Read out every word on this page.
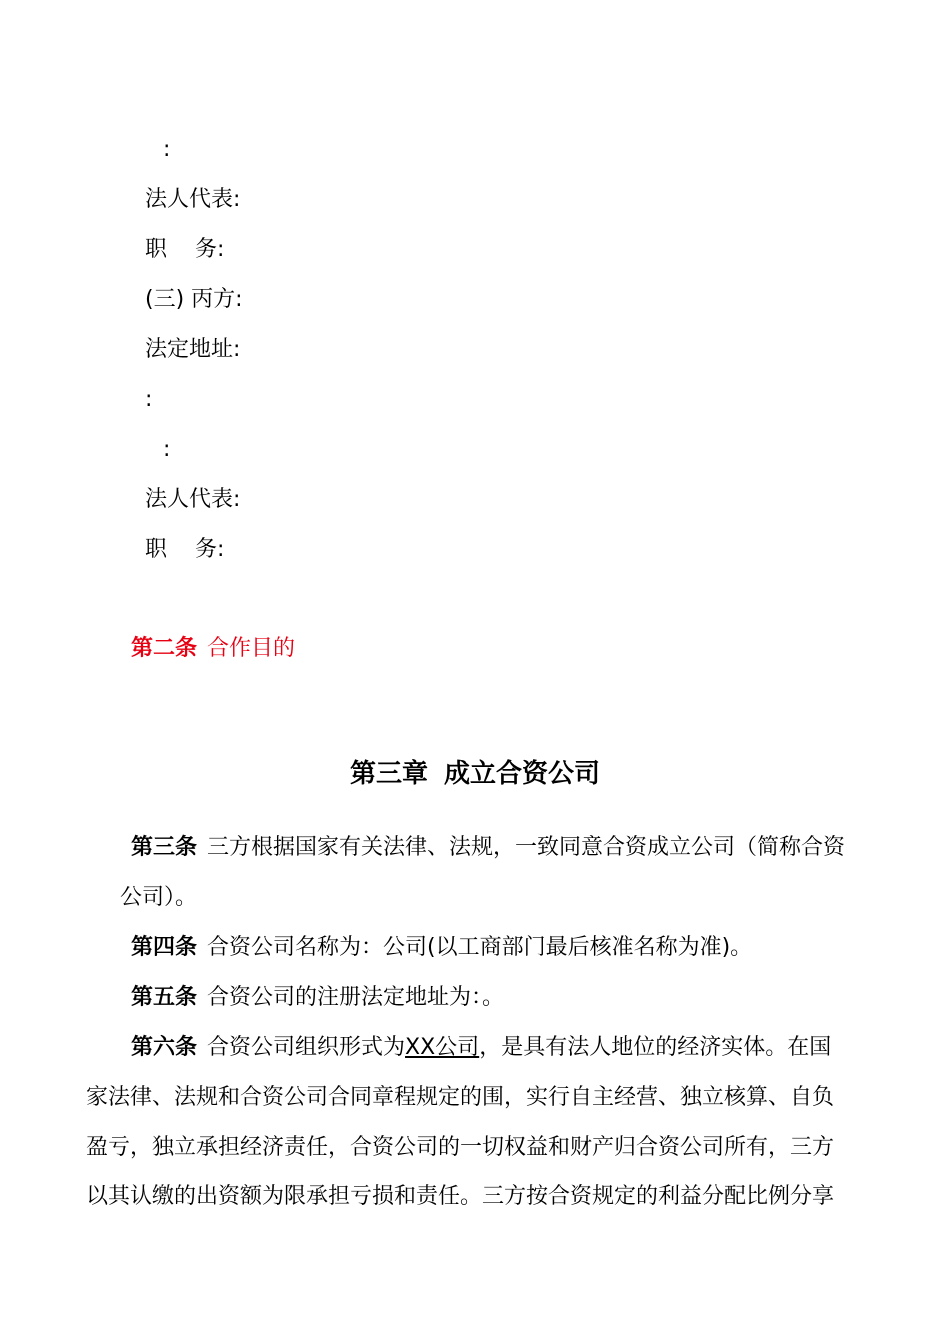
:
法人代表:
职 务:
(三) 丙方:
法定地址:
:
:
法人代表:
职 务:
第二条 合作目的
第三章 成立合资公司
第三条 三方根据国家有关法律、法规，一致同意合资成立公司（简称合资
公司）。
第四条 合资公司名称为：公司(以工商部门最后核准名称为准)。
第五条 合资公司的注册法定地址为：。
第六条 合资公司组织形式为XX公司，是具有法人地位的经济实体。在国
家法律、法规和合资公司合同章程规定的围，实行自主经营、独立核算、自负
盈亏，独立承担经济责任，合资公司的一切权益和财产归合资公司所有，三方
以其认缴的出资额为限承担亏损和责任。三方按合资规定的利益分配比例分享
